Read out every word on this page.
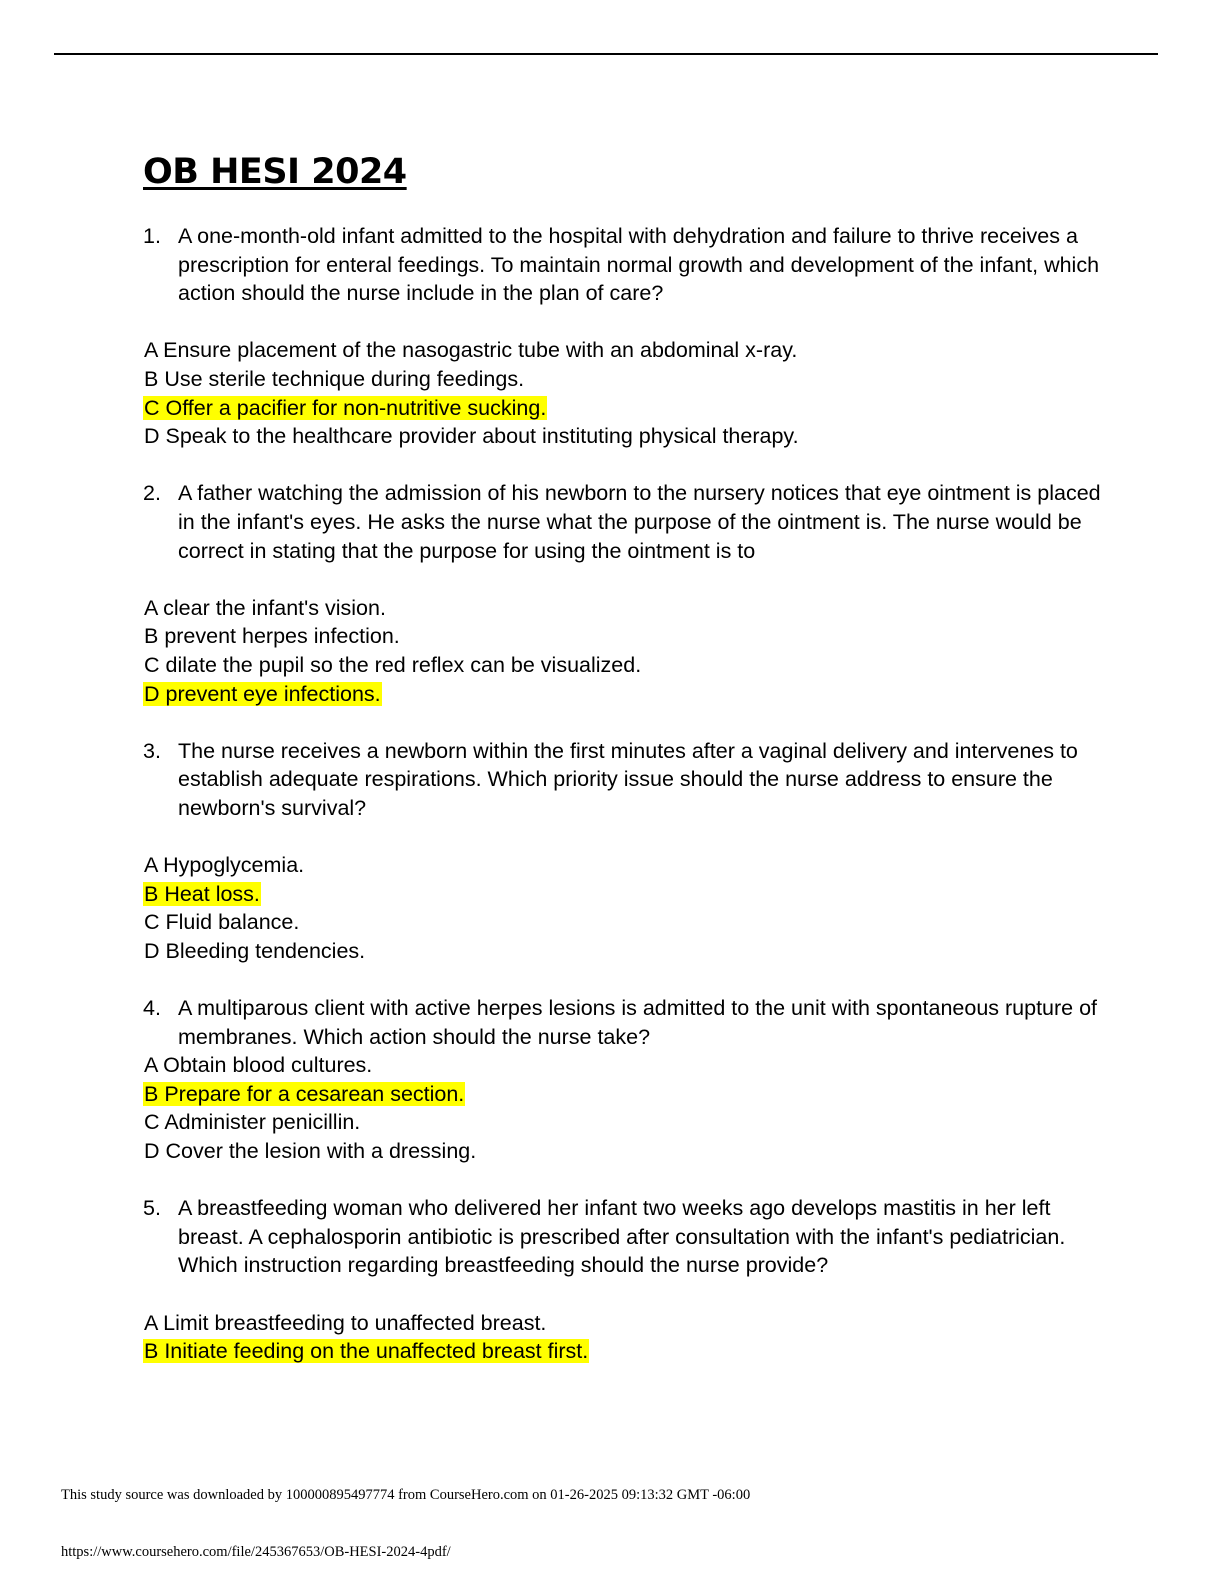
OB HESI 2024
1. A one-month-old infant admitted to the hospital with dehydration and failure to thrive receives a prescription for enteral feedings. To maintain normal growth and development of the infant, which action should the nurse include in the plan of care?
A Ensure placement of the nasogastric tube with an abdominal x-ray.
B Use sterile technique during feedings.
C Offer a pacifier for non-nutritive sucking.
D Speak to the healthcare provider about instituting physical therapy.
2. A father watching the admission of his newborn to the nursery notices that eye ointment is placed in the infant's eyes. He asks the nurse what the purpose of the ointment is. The nurse would be correct in stating that the purpose for using the ointment is to
A clear the infant's vision.
B prevent herpes infection.
C dilate the pupil so the red reflex can be visualized.
D prevent eye infections.
3. The nurse receives a newborn within the first minutes after a vaginal delivery and intervenes to establish adequate respirations. Which priority issue should the nurse address to ensure the newborn's survival?
A Hypoglycemia.
B Heat loss.
C Fluid balance.
D Bleeding tendencies.
4. A multiparous client with active herpes lesions is admitted to the unit with spontaneous rupture of membranes. Which action should the nurse take?
A Obtain blood cultures.
B Prepare for a cesarean section.
C Administer penicillin.
D Cover the lesion with a dressing.
5. A breastfeeding woman who delivered her infant two weeks ago develops mastitis in her left breast. A cephalosporin antibiotic is prescribed after consultation with the infant's pediatrician. Which instruction regarding breastfeeding should the nurse provide?
A Limit breastfeeding to unaffected breast.
B Initiate feeding on the unaffected breast first.
This study source was downloaded by 100000895497774 from CourseHero.com on 01-26-2025 09:13:32 GMT -06:00
https://www.coursehero.com/file/245367653/OB-HESI-2024-4pdf/
